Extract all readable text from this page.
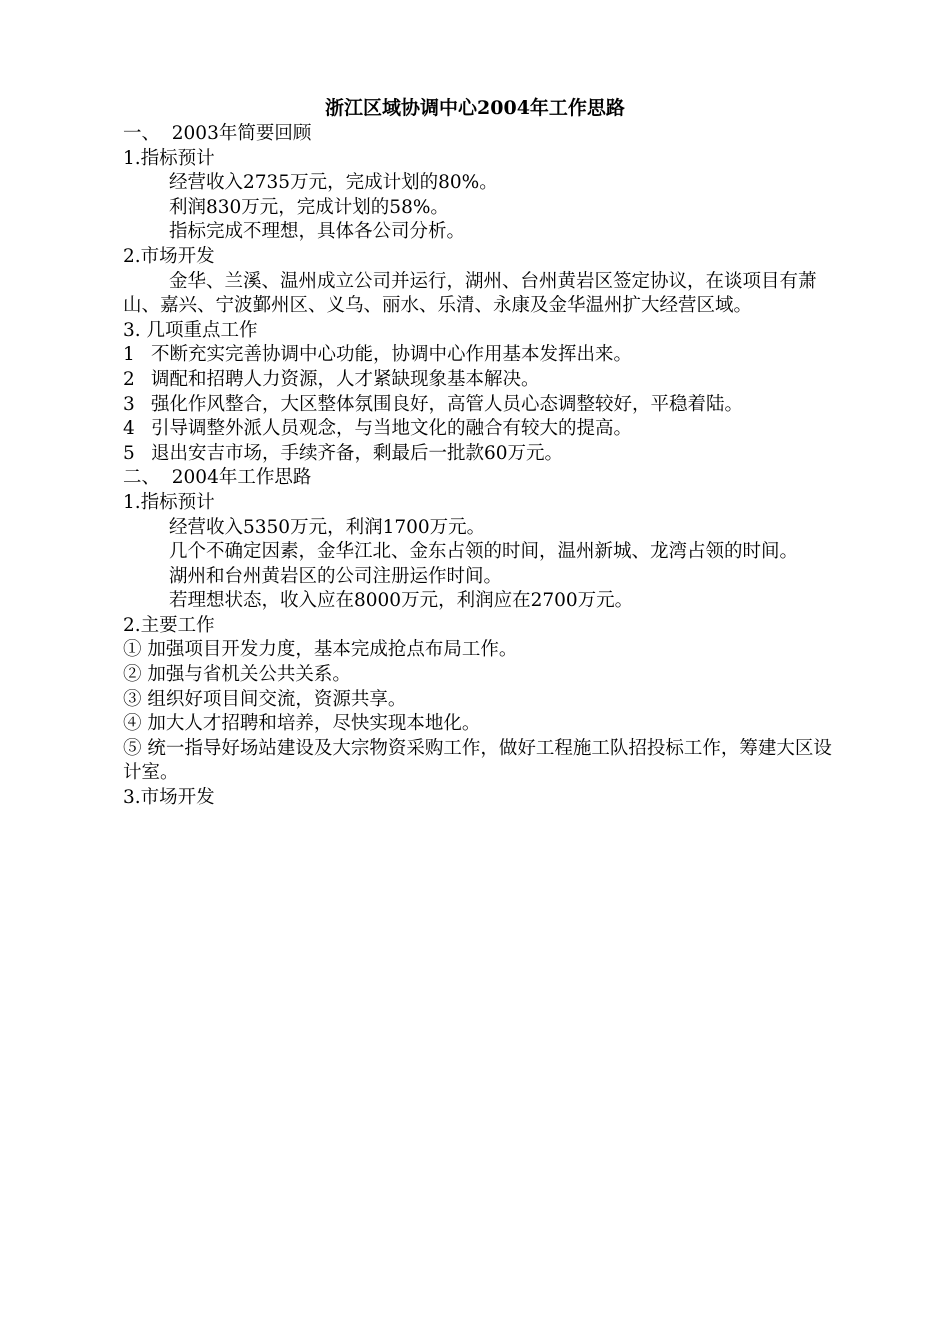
浙江区域协调中心2004年工作思路

一、  2003年简要回顾

1.指标预计

经营收入2735万元，完成计划的80%。

利润830万元，完成计划的58%。

指标完成不理想，具体各公司分析。

2.市场开发

金华、兰溪、温州成立公司并运行，湖州、台州黄岩区签定协议，在谈项目有萧山、嘉兴、宁波鄞州区、义乌、丽水、乐清、永康及金华温州扩大经营区域。

3. 几项重点工作

1 不断充实完善协调中心功能，协调中心作用基本发挥出来。

2 调配和招聘人力资源，人才紧缺现象基本解决。

3 强化作风整合，大区整体氛围良好，高管人员心态调整较好，平稳着陆。

4 引导调整外派人员观念，与当地文化的融合有较大的提高。

5 退出安吉市场，手续齐备，剩最后一批款60万元。

二、  2004年工作思路

1.指标预计

经营收入5350万元，利润1700万元。

几个不确定因素，金华江北、金东占领的时间，温州新城、龙湾占领的时间。

湖州和台州黄岩区的公司注册运作时间。

若理想状态，收入应在8000万元，利润应在2700万元。

2.主要工作

① 加强项目开发力度，基本完成抢点布局工作。

② 加强与省机关公共关系。

③ 组织好项目间交流，资源共享。

④ 加大人才招聘和培养，尽快实现本地化。

⑤ 统一指导好场站建设及大宗物资采购工作，做好工程施工队招投标工作，筹建大区设计室。

3.市场开发
